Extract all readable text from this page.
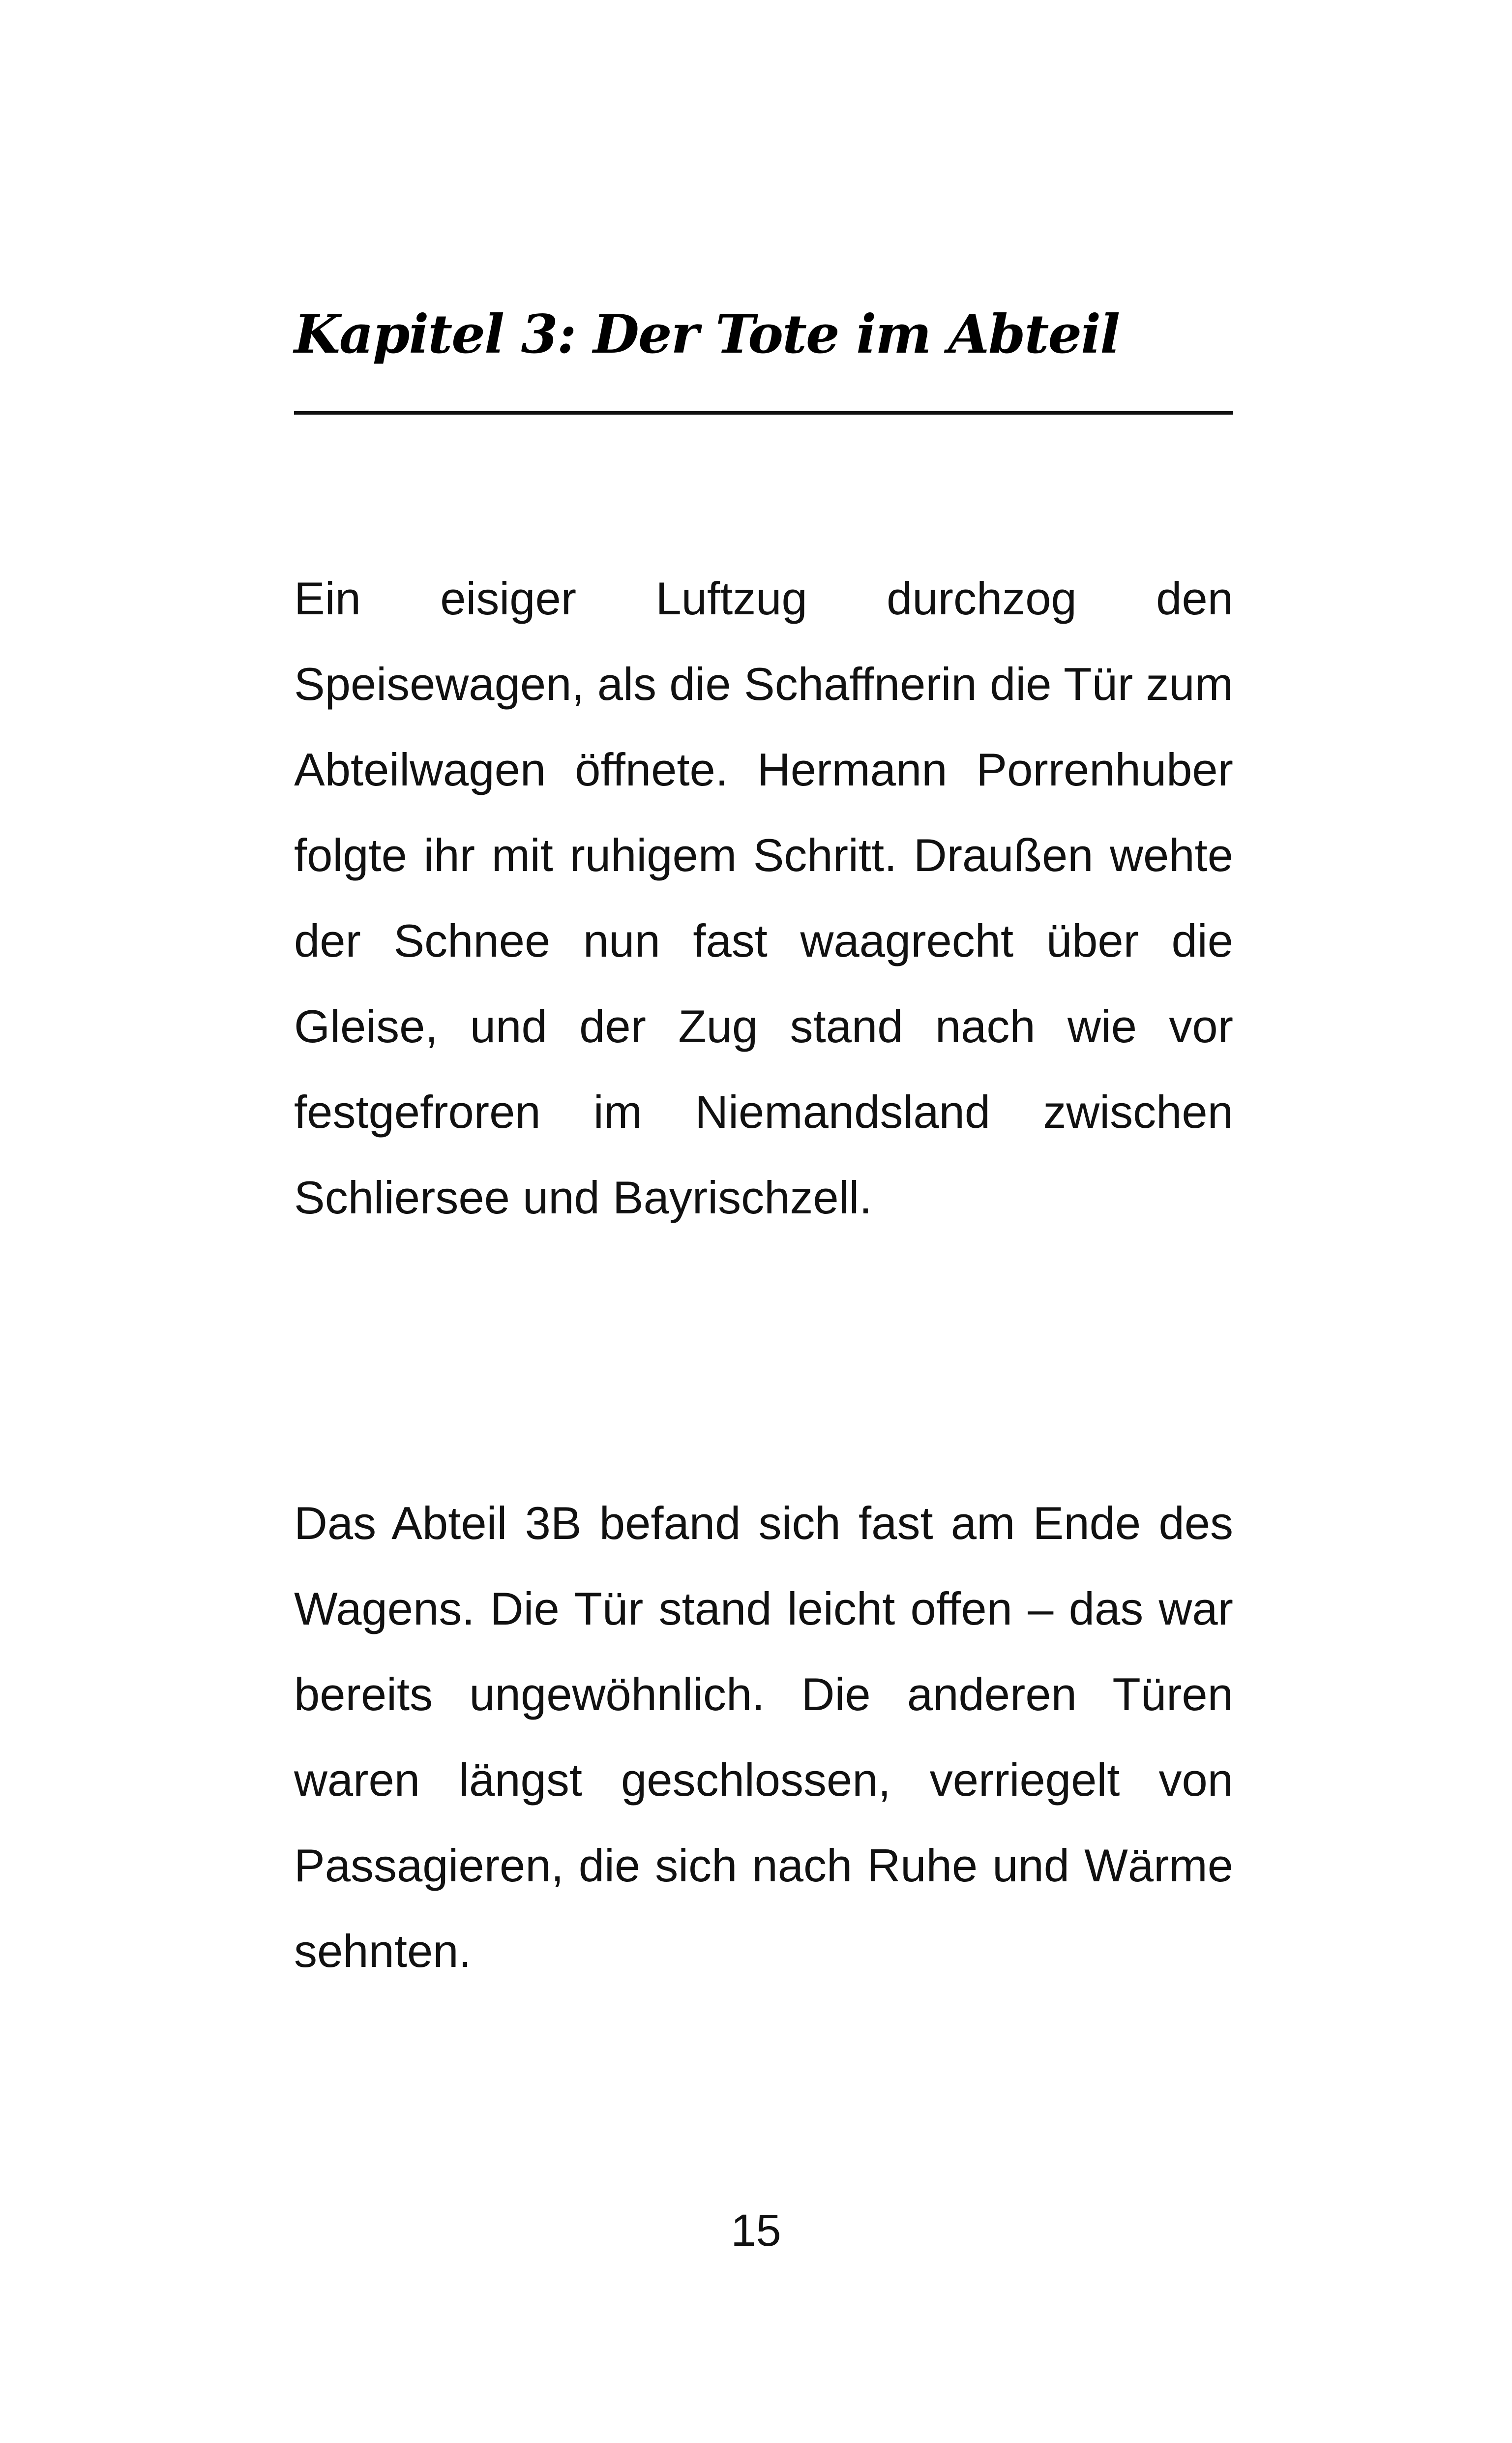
Kapitel 3: Der Tote im Abteil

Ein eisiger Luftzug durchzog den Speisewagen, als die Schaffnerin die Tür zum Abteilwagen öffnete. Hermann Porrenhuber folgte ihr mit ruhigem Schritt. Draußen wehte der Schnee nun fast waagrecht über die Gleise, und der Zug stand nach wie vor festgefroren im Niemandsland zwischen Schliersee und Bayrischzell.

Das Abteil 3B befand sich fast am Ende des Wagens. Die Tür stand leicht offen – das war bereits ungewöhnlich. Die anderen Türen waren längst geschlossen, verriegelt von Passagieren, die sich nach Ruhe und Wärme sehnten.

15
